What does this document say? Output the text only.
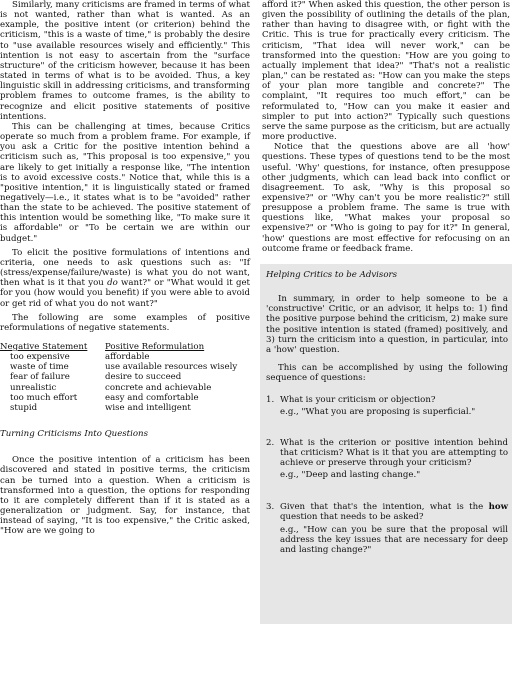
Similarly, many criticisms are framed in terms of what is not wanted, rather than what is wanted. As an example, the positive intent (or criterion) behind the criticism, "this is a waste of time," is probably the desire to "use available resources wisely and efficiently." This intention is not easy to ascertain from the "surface structure" of the criticism however, because it has been stated in terms of what is to be avoided. Thus, a key linguistic skill in addressing criticisms, and transforming problem frames to outcome frames, is the ability to recognize and elicit positive statements of positive intentions.

This can be challenging at times, because Critics operate so much from a problem frame. For example, if you ask a Critic for the positive intention behind a criticism such as, "This proposal is too expensive," you are likely to get initially a response like, "The intention is to avoid excessive costs." Notice that, while this is a "positive intention," it is linguistically stated or framed negatively—i.e., it states what is to be "avoided" rather than the state to be achieved. The positive statement of this intention would be something like, "To make sure it is affordable" or "To be certain we are within our budget."

To elicit the positive formulations of intentions and criteria, one needs to ask questions such as: "If (stress/expense/failure/waste) is what you do not want, then what is it that you do want?" or "What would it get for you (how would you benefit) if you were able to avoid or get rid of what you do not want?"

The following are some examples of positive reformulations of negative statements.

Negative Statement	Positive Reformulation
too expensive	affordable
waste of time	use available resources wisely
fear of failure	desire to succeed
unrealistic	concrete and achievable
too much effort	easy and comfortable
stupid	wise and intelligent
Turning Criticisms Into Questions

Once the positive intention of a criticism has been discovered and stated in positive terms, the criticism can be turned into a question. When a criticism is transformed into a question, the options for responding to it are completely different than if it is stated as a generalization or judgment. Say, for instance, that instead of saying, "It is too expensive," the Critic asked, "How are we going to

afford it?" When asked this question, the other person is given the possibility of outlining the details of the plan, rather than having to disagree with, or fight with the Critic. This is true for practically every criticism. The criticism, "That idea will never work," can be transformed into the question: "How are you going to actually implement that idea?" "That's not a realistic plan," can be restated as: "How can you make the steps of your plan more tangible and concrete?" The complaint, "It requires too much effort," can be reformulated to, "How can you make it easier and simpler to put into action?" Typically such questions serve the same purpose as the criticism, but are actually more productive.

Notice that the questions above are all 'how' questions. These types of questions tend to be the most useful. 'Why' questions, for instance, often presuppose other judgments, which can lead back into conflict or disagreement. To ask, "Why is this proposal so expensive?" or "Why can't you be more realistic?" still presuppose a problem frame. The same is true with questions like, "What makes your proposal so expensive?" or "Who is going to pay for it?" In general, 'how' questions are most effective for refocusing on an outcome frame or feedback frame.

Helping Critics to be Advisors

In summary, in order to help someone to be a 'constructive' Critic, or an advisor, it helps to: 1) find the positive purpose behind the criticism, 2) make sure the positive intention is stated (framed) positively, and 3) turn the criticism into a question, in particular, into a 'how' question.

This can be accomplished by using the following sequence of questions:

1. What is your criticism or objection?
e.g., "What you are proposing is superficial."
2. What is the criterion or positive intention behind that criticism? What is it that you are attempting to achieve or preserve through your criticism?
e.g., "Deep and lasting change."
3. Given that that's the intention, what is the how question that needs to be asked?
e.g., "How can you be sure that the proposal will address the key issues that are necessary for deep and lasting change?"
